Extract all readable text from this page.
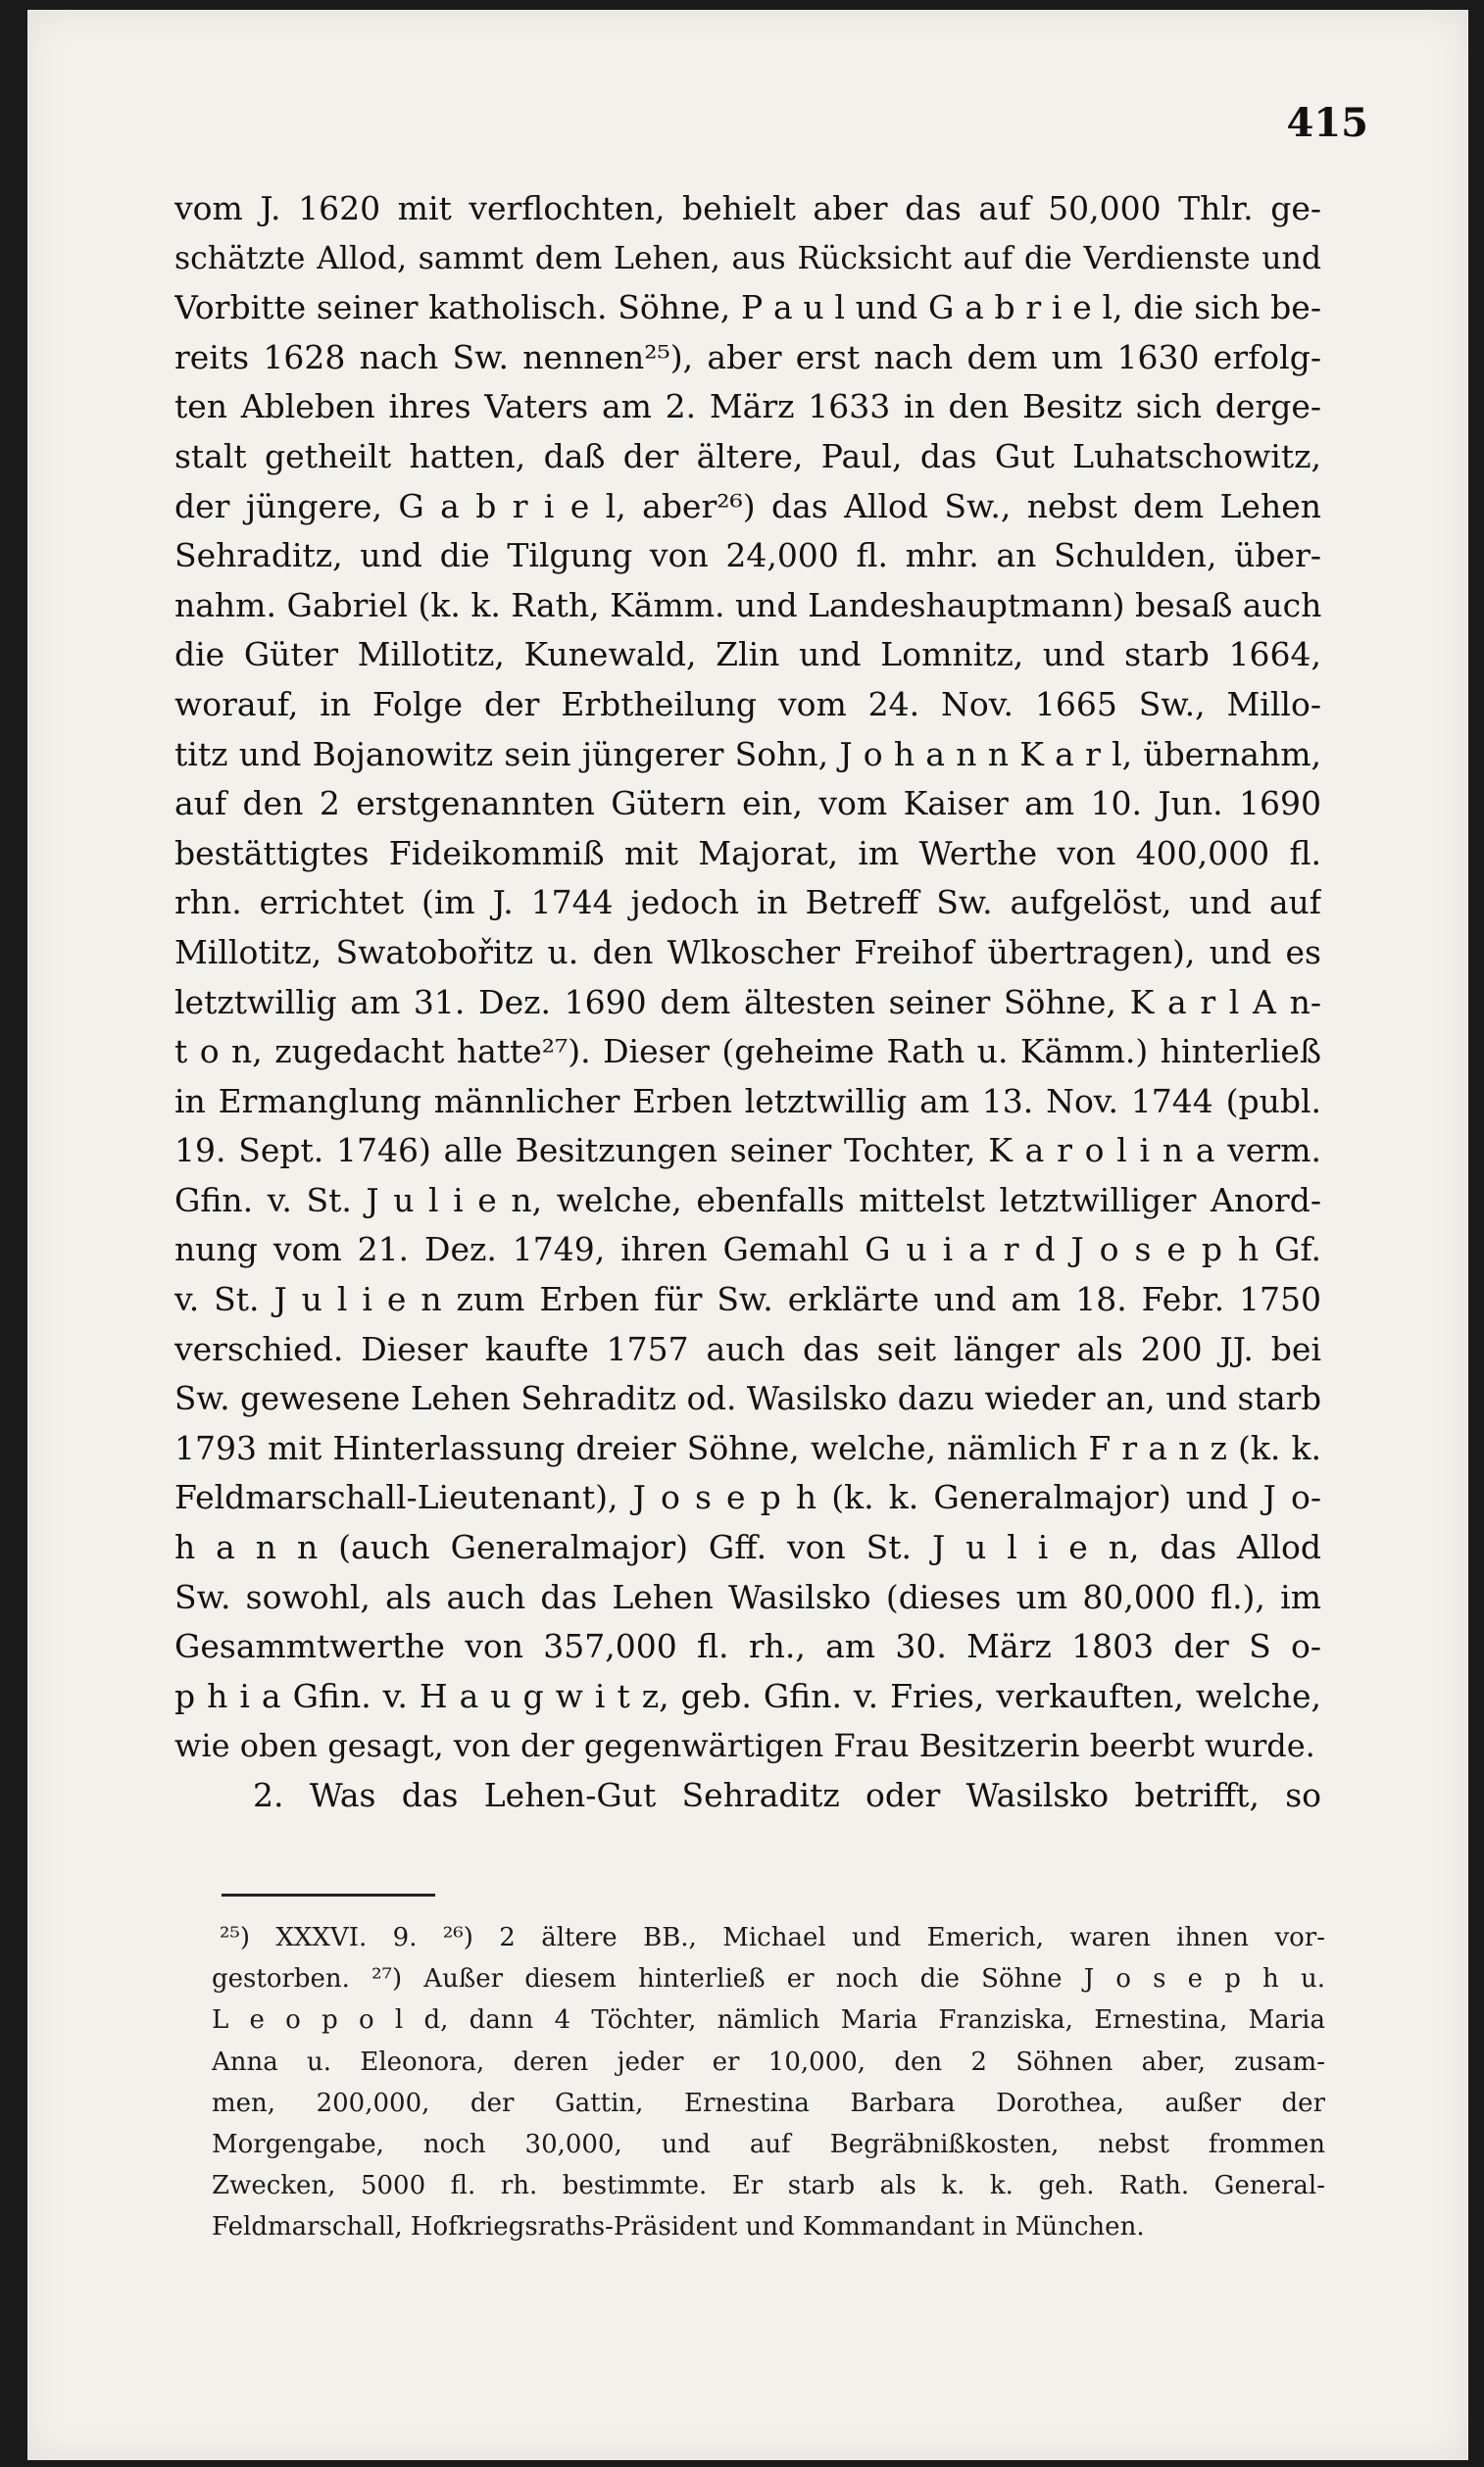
415
vom J. 1620 mit verflochten, behielt aber das auf 50,000 Thlr. ge-
schätzte Allod, sammt dem Lehen, aus Rücksicht auf die Verdienste und
Vorbitte seiner katholisch. Söhne, P a u l und G a b r i e l, die sich be-
reits 1628 nach Sw. nennen²⁵), aber erst nach dem um 1630 erfolg-
ten Ableben ihres Vaters am 2. März 1633 in den Besitz sich derge-
stalt getheilt hatten, daß der ältere, Paul, das Gut Luhatschowitz,
der jüngere, G a b r i e l, aber²⁶) das Allod Sw., nebst dem Lehen
Sehraditz, und die Tilgung von 24,000 fl. mhr. an Schulden, über-
nahm. Gabriel (k. k. Rath, Kämm. und Landeshauptmann) besaß auch
die Güter Millotitz, Kunewald, Zlin und Lomnitz, und starb 1664,
worauf, in Folge der Erbtheilung vom 24. Nov. 1665 Sw., Millo-
titz und Bojanowitz sein jüngerer Sohn, J o h a n n K a r l, übernahm,
auf den 2 erstgenannten Gütern ein, vom Kaiser am 10. Jun. 1690
bestättigtes Fideikommiß mit Majorat, im Werthe von 400,000 fl.
rhn. errichtet (im J. 1744 jedoch in Betreff Sw. aufgelöst, und auf
Millotitz, Swatobořitz u. den Wlkoscher Freihof übertragen), und es
letztwillig am 31. Dez. 1690 dem ältesten seiner Söhne, K a r l A n-
t o n, zugedacht hatte²⁷). Dieser (geheime Rath u. Kämm.) hinterließ
in Ermanglung männlicher Erben letztwillig am 13. Nov. 1744 (publ.
19. Sept. 1746) alle Besitzungen seiner Tochter, K a r o l i n a verm.
Gfin. v. St. J u l i e n, welche, ebenfalls mittelst letztwilliger Anord-
nung vom 21. Dez. 1749, ihren Gemahl G u i a r d J o s e p h Gf.
v. St. J u l i e n zum Erben für Sw. erklärte und am 18. Febr. 1750
verschied. Dieser kaufte 1757 auch das seit länger als 200 JJ. bei
Sw. gewesene Lehen Sehraditz od. Wasilsko dazu wieder an, und starb
1793 mit Hinterlassung dreier Söhne, welche, nämlich F r a n z (k. k.
Feldmarschall-Lieutenant), J o s e p h (k. k. Generalmajor) und J o-
h a n n (auch Generalmajor) Gff. von St. J u l i e n, das Allod
Sw. sowohl, als auch das Lehen Wasilsko (dieses um 80,000 fl.), im
Gesammtwerthe von 357,000 fl. rh., am 30. März 1803 der S o-
p h i a Gfin. v. H a u g w i t z, geb. Gfin. v. Fries, verkauften, welche,
wie oben gesagt, von der gegenwärtigen Frau Besitzerin beerbt wurde.
2. Was das Lehen-Gut Sehraditz oder Wasilsko betrifft, so
²⁵) XXXVI. 9. ²⁶) 2 ältere BB., Michael und Emerich, waren ihnen vor-
gestorben. ²⁷) Außer diesem hinterließ er noch die Söhne J o s e p h u.
L e o p o l d, dann 4 Töchter, nämlich Maria Franziska, Ernestina, Maria
Anna u. Eleonora, deren jeder er 10,000, den 2 Söhnen aber, zusam-
men, 200,000, der Gattin, Ernestina Barbara Dorothea, außer der
Morgengabe, noch 30,000, und auf Begräbnißkosten, nebst frommen
Zwecken, 5000 fl. rh. bestimmte. Er starb als k. k. geh. Rath. General-
Feldmarschall, Hofkriegsraths-Präsident und Kommandant in München.
